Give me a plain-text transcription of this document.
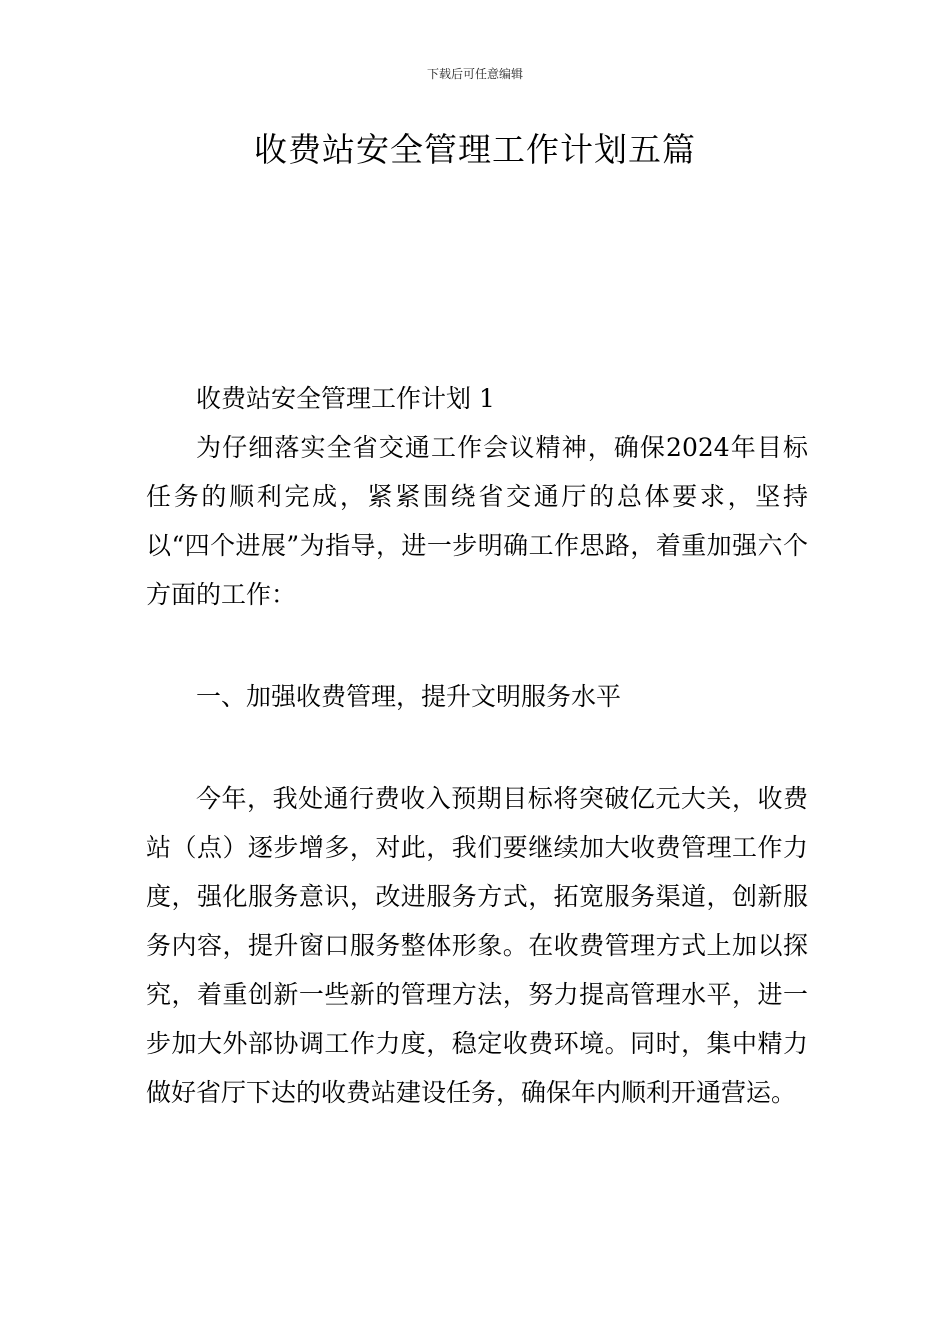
下载后可任意编辑
收费站安全管理工作计划五篇

收费站安全管理工作计划 1

为仔细落实全省交通工作会议精神，确保2024年目标任务的顺利完成，紧紧围绕省交通厅的总体要求，坚持以“四个进展”为指导，进一步明确工作思路，着重加强六个方面的工作：

一、加强收费管理，提升文明服务水平

今年，我处通行费收入预期目标将突破亿元大关，收费站（点）逐步增多，对此，我们要继续加大收费管理工作力度，强化服务意识，改进服务方式，拓宽服务渠道，创新服务内容，提升窗口服务整体形象。在收费管理方式上加以探究，着重创新一些新的管理方法，努力提高管理水平，进一步加大外部协调工作力度，稳定收费环境。同时，集中精力做好省厅下达的收费站建设任务，确保年内顺利开通营运。
